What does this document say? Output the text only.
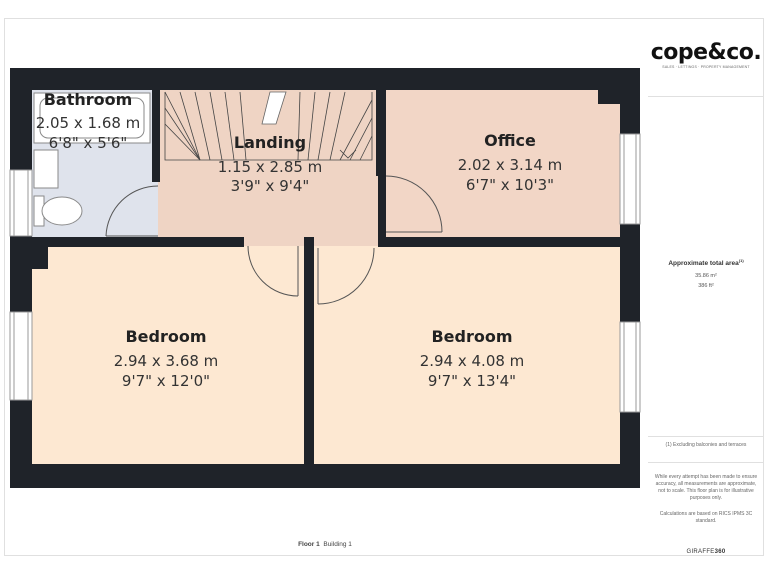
Bathroom
2.05 x 1.68 m
6'8" x 5'6"	Landing
1.15 x 2.85 m
3'9" x 9'4"
Office
2.02 x 3.14 m
6'7" x 10'3"
Bedroom
2.94 x 3.68 m
9'7" x 12'0"
Bedroom
2.94 x 4.08 m
9'7" x 13'4"
cope&co.
SALES · LETTINGS · PROPERTY MANAGEMENT
Approximate total area$^{(1)}$
35.86 m²
386 ft²
(1) Excluding balconies and terraces
While every attempt has been made to ensure accuracy, all measurements are approximate, not to scale. This floor plan is for illustrative purposes only.
Calculations are based on RICS IPMS 3C standard.
GIRAFFE360
Floor 1 Building 1
